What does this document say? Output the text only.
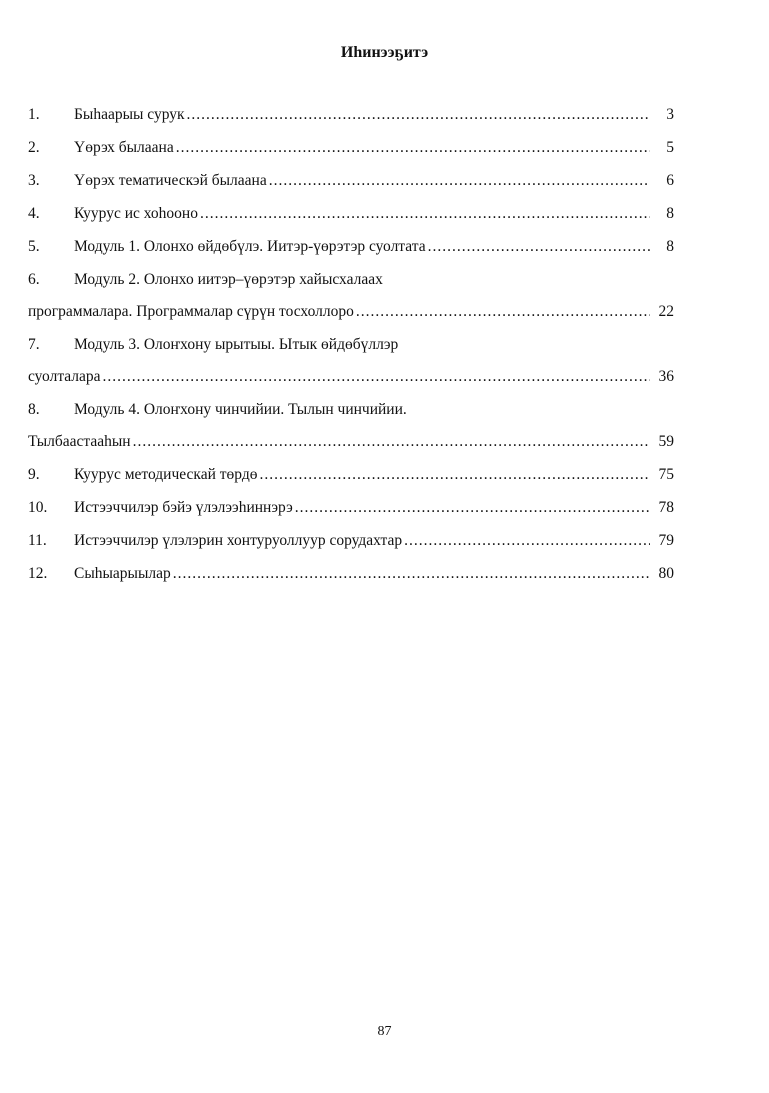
Иhинээҕитэ
1.	Быhаарыы сурук .....	3
2.	Үөрэх былаана .....	5
3.	Үөрэх тематическэй былаана .....	6
4.	Куурус ис хоhооно .....	8
5.	Модуль 1. Олонхо өйдөбүлэ. Иитэр-үөрэтэр суолтата .....	8
6.	Модуль 2. Олонхо иитэр–үөрэтэр хайысхалаах
программалара. Программалар сүрүн тосхоллоро .....	22
7.	Модуль 3. Олоҥхону ырытыы. Ытык өйдөбүллэр
суолталара .....	36
8.	Модуль 4. Олоҥхону чинчийии. Тылын чинчийии.
Тылбаастааhын .....	59
9.	Куурус методическай төрдө .....	75
10.	Истээччилэр бэйэ үлэлээhиннэрэ .....	78
11.	Истээччилэр үлэлэрин хонтуруоллуур сорудахтар .....	79
12.	Сыhыарыылар .....	80
87
